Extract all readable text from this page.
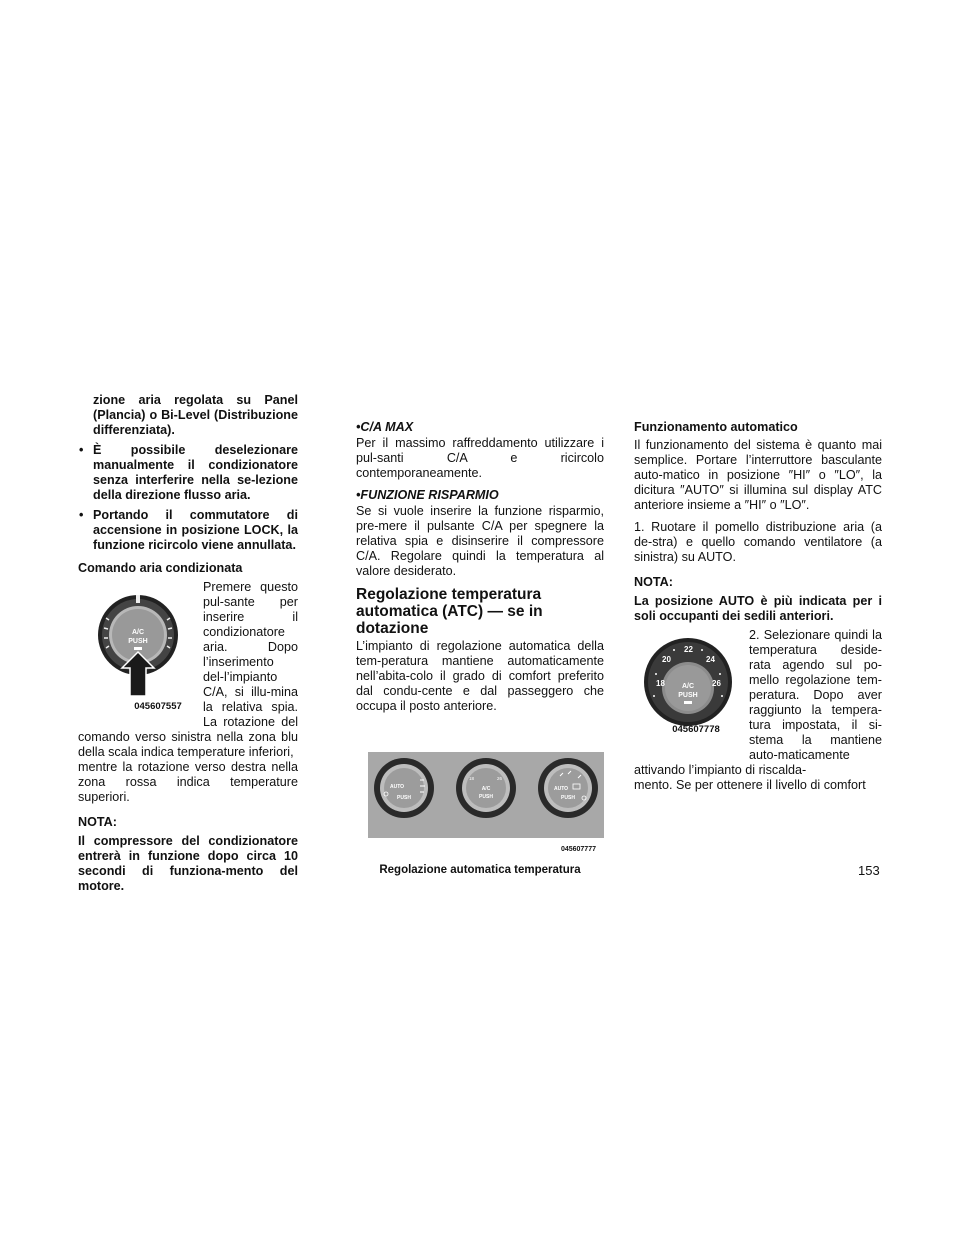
zione aria regolata su Panel (Plancia) o Bi-Level (Distribuzione differenziata).

• È possibile deselezionare manualmente il condizionatore senza interferire nella se-lezione della direzione flusso aria.
• Portando il commutatore di accensione in posizione LOCK, la funzione ricircolo viene annullata.

Comando aria condizionata

A/C
PUSH
045607557

Premere questo pul-sante per inserire il condizionatore aria. Dopo l’inserimento del-l’impianto C/A, si illu-mina la relativa spia. La rotazione del comando verso sinistra nella zona blu della scala indica temperature inferiori,

mentre la rotazione verso destra nella zona rossa indica temperature superiori.

NOTA:

Il compressore del condizionatore entrerà in funzione dopo circa 10 secondi di funziona-mento del motore.

•C/A MAX

Per il massimo raffreddamento utilizzare i pul-santi C/A e ricircolo contemporaneamente.

•FUNZIONE RISPARMIO

Se si vuole inserire la funzione risparmio, pre-mere il pulsante C/A per spegnere la relativa spia e disinserire il compressore C/A. Regolare quindi la temperatura al valore desiderato.

Regolazione temperatura automatica (ATC) — se in dotazione

L’impianto di regolazione automatica della tem-peratura mantiene automaticamente nell’abita-colo il grado di comfort preferito dal condu-cente e dal passeggero che occupa il posto anteriore.

AUTO
PUSH
A/C
PUSH
18	26
AUTO
PUSH
045607777
Regolazione automatica temperatura

Funzionamento automatico

Il funzionamento del sistema è quanto mai semplice. Portare l’interruttore basculante auto-matico in posizione ″HI″ o ″LO″, la dicitura ″AUTO″ si illumina sul display ATC anteriore insieme a ″HI″ o ″LO″.

1. Ruotare il pomello distribuzione aria (a de-stra) e quello comando ventilatore (a sinistra) su AUTO.

NOTA:

La posizione AUTO è più indicata per i soli occupanti dei sedili anteriori.

18
20
22
24
26
A/C
PUSH
045607778

2. Selezionare quindi la temperatura deside-rata agendo sul po-mello regolazione tem-peratura. Dopo aver raggiunto la tempera-tura impostata, il si-stema la mantiene auto-maticamente attivando l’impianto di riscalda-

mento. Se per ottenere il livello di comfort

153
